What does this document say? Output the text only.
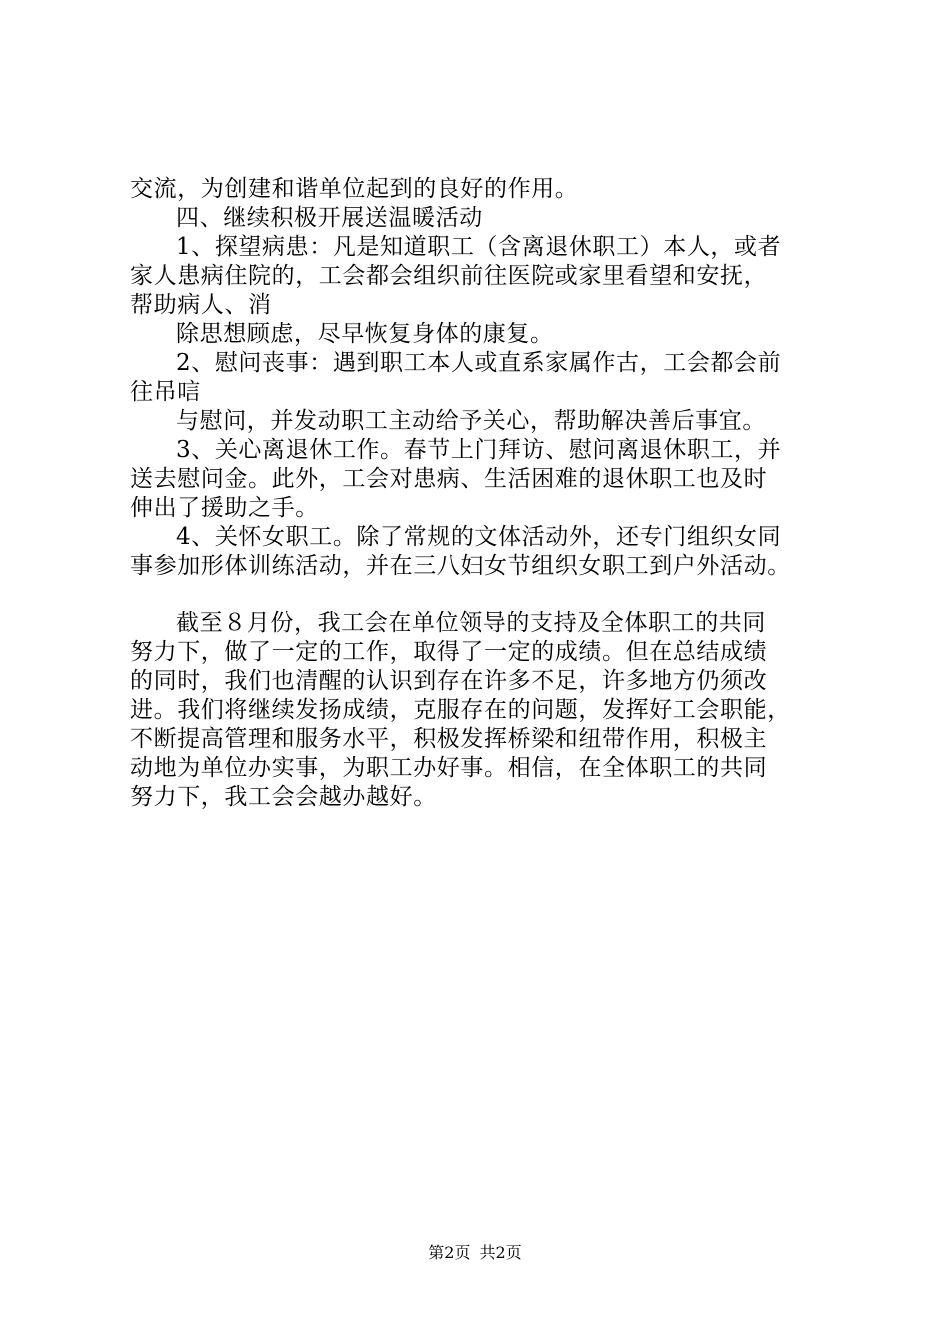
交流，为创建和谐单位起到的良好的作用。
四、继续积极开展送温暖活动
1、探望病患：凡是知道职工（含离退休职工）本人，或者
家人患病住院的，工会都会组织前往医院或家里看望和安抚，
帮助病人、消
除思想顾虑，尽早恢复身体的康复。
2、慰问丧事：遇到职工本人或直系家属作古，工会都会前
往吊唁
与慰问，并发动职工主动给予关心，帮助解决善后事宜。
3、关心离退休工作。春节上门拜访、慰问离退休职工，并
送去慰问金。此外，工会对患病、生活困难的退休职工也及时
伸出了援助之手。
4、关怀女职工。除了常规的文体活动外，还专门组织女同
事参加形体训练活动，并在三八妇女节组织女职工到户外活动。
截至８月份，我工会在单位领导的支持及全体职工的共同
努力下，做了一定的工作，取得了一定的成绩。但在总结成绩
的同时，我们也清醒的认识到存在许多不足，许多地方仍须改
进。我们将继续发扬成绩，克服存在的问题，发挥好工会职能，
不断提高管理和服务水平，积极发挥桥梁和纽带作用，积极主
动地为单位办实事，为职工办好事。相信，在全体职工的共同
努力下，我工会会越办越好。
第2页 共2页
